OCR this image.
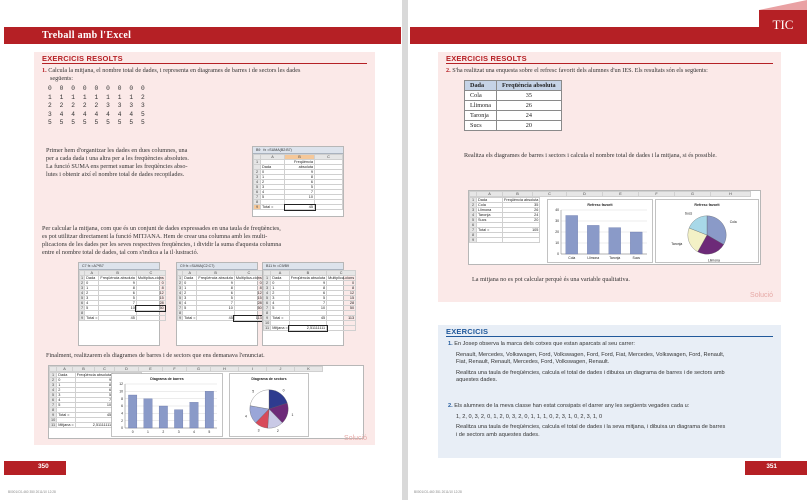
Treball amb l'Excel
EXERCICIS RESOLTS
1. Calcula la mitjana, el nombre total de dades, i representa en diagrames de barres i de sectors les dades
següents:
0 0 0 0 0 0 0 0 0
1 1 1 1 1 1 1 1 2
2 2 2 2 2 3 3 3 3
3 4 4 4 4 4 4 4 5
5 5 5 5 5 5 5 5 5
Primer hem d'organitzar les dades en dues columnes, una
per a cada dada i una altra per a les freqüències absolutes.
La funció SUMA ens permet sumar les freqüències abso-
lutes i obtenir així el nombre total de dades recopilades.
B9   fx =SUMA(B2:B7)
	A	B	C
1		Freqüència	
	Dada	absoluta	
2	0	9	
3	1	8	
4	2	6	
5	3	5	
6	4	7	
7	5	10	
8			
9	Total =	45	
Per calcular la mitjana, com que és un conjunt de dades expressades en una taula de freqüències,
es pot utilitzar directament la funció MITJANA. Hem de crear una columna amb les multi-
plicacions de les dades per les seves respectives freqüències, i dividir la suma d'aquesta columna
entre el nombre total de dades, tal com s'indica a la il·lustració.
C7 fx =A7*B7
	A	B	C
1	Dada	Freqüència absoluta	Multiplica-cions
2	0	9	0
3	1	8	8
4	2	6	12
5	3	5	15
6	4	7	28
7	5	10	50
8			
9	Total =	45	
C9 fx =SUMA(C2:C7)
	A	B	C
1	Dada	Freqüència absoluta	Multiplica-cions
2	0	9	0
3	1	8	8
4	2	6	12
5	3	5	15
6	4	7	28
7	5	10	50
8			
9	Total =	45	113
B11 fx =C9/B9
	A	B	C
1	Dada	Freqüència absoluta	Multiplica-cions
2	0	9	0
3	1	8	8
4	2	6	12
5	3	5	15
6	4	7	28
7	5	10	50
8			
9	Total =	45	113
10			
11	Mitjana =	2,51111111	
Finalment, realitzarem els diagrames de barres i de sectors que ens demanava l'enunciat.
	A	B	C	D	E	F	G	H	I	J	K
1	Dada	Freqüència absoluta	
2	0	9	
3	1	8	
4	2	6	
5	3	5	
6	4	7	
7	5	10	
8			
9	Total =	45	
10			
11	Mitjana =	2,51111111	
Diagrama de barres
0
2
4
6
8
10
12
0	1	2	3	4	5
Diagrama de sectors
0
1
2
3
4
5
Solució
350
B0001/C0-460 350 2011/10 12:28
TIC
EXERCICIS RESOLTS
2. S'ha realitzat una enquesta sobre el refresc favorit dels alumnes d'un IES. Els resultats són els següents:
Dada	Freqüència absoluta
Cola	35
Llimona	26
Taronja	24
Sucs	20
Realitza els diagrames de barres i sectors i calcula el nombre total de dades i la mitjana, si és possible.
	A	B	C	D	E	F	G	H
1	Dada	Freqüència absoluta
2	Cola	35
3	Llimona	26
4	Taronja	24
5	Sucs	20
6		
7	Total =	105
8		
9		
Refresc favorit
0
10
20
30
40
Cola	Llimona	Taronja	Sucs
Refresc favorit
Cola
Llimona
Taronja
Sucs
La mitjana no es pot calcular perquè és una variable qualitativa.
Solució
EXERCICIS
1. En Josep observa la marca dels cotxes que estan aparcats al seu carrer:
Renault, Mercedes, Volkswagen, Ford, Volkswagen, Ford, Ford, Fiat, Mercedes, Volkswagen, Ford, Renault,
Fiat, Renault, Renault, Mercedes, Ford, Volkswagen, Renault.
Realitza una taula de freqüències, calcula el total de dades i dibuixa un diagrama de barres i de sectors amb
aquestes dades.
2. Els alumnes de la meva classe han estat consipats el darrer any les següents vegades cada u:
1, 2, 0, 3, 2, 0, 1, 2, 0, 3, 2, 0, 1, 1, 1, 0, 2, 3, 1, 0, 2, 3, 1, 0
Realitza una taula de freqüències, calcula el total de dades i la seva mitjana, i dibuixa un diagrama de barres
i de sectors amb aquestes dades.
351
B0001/C0-460 351 2011/10 12:28
